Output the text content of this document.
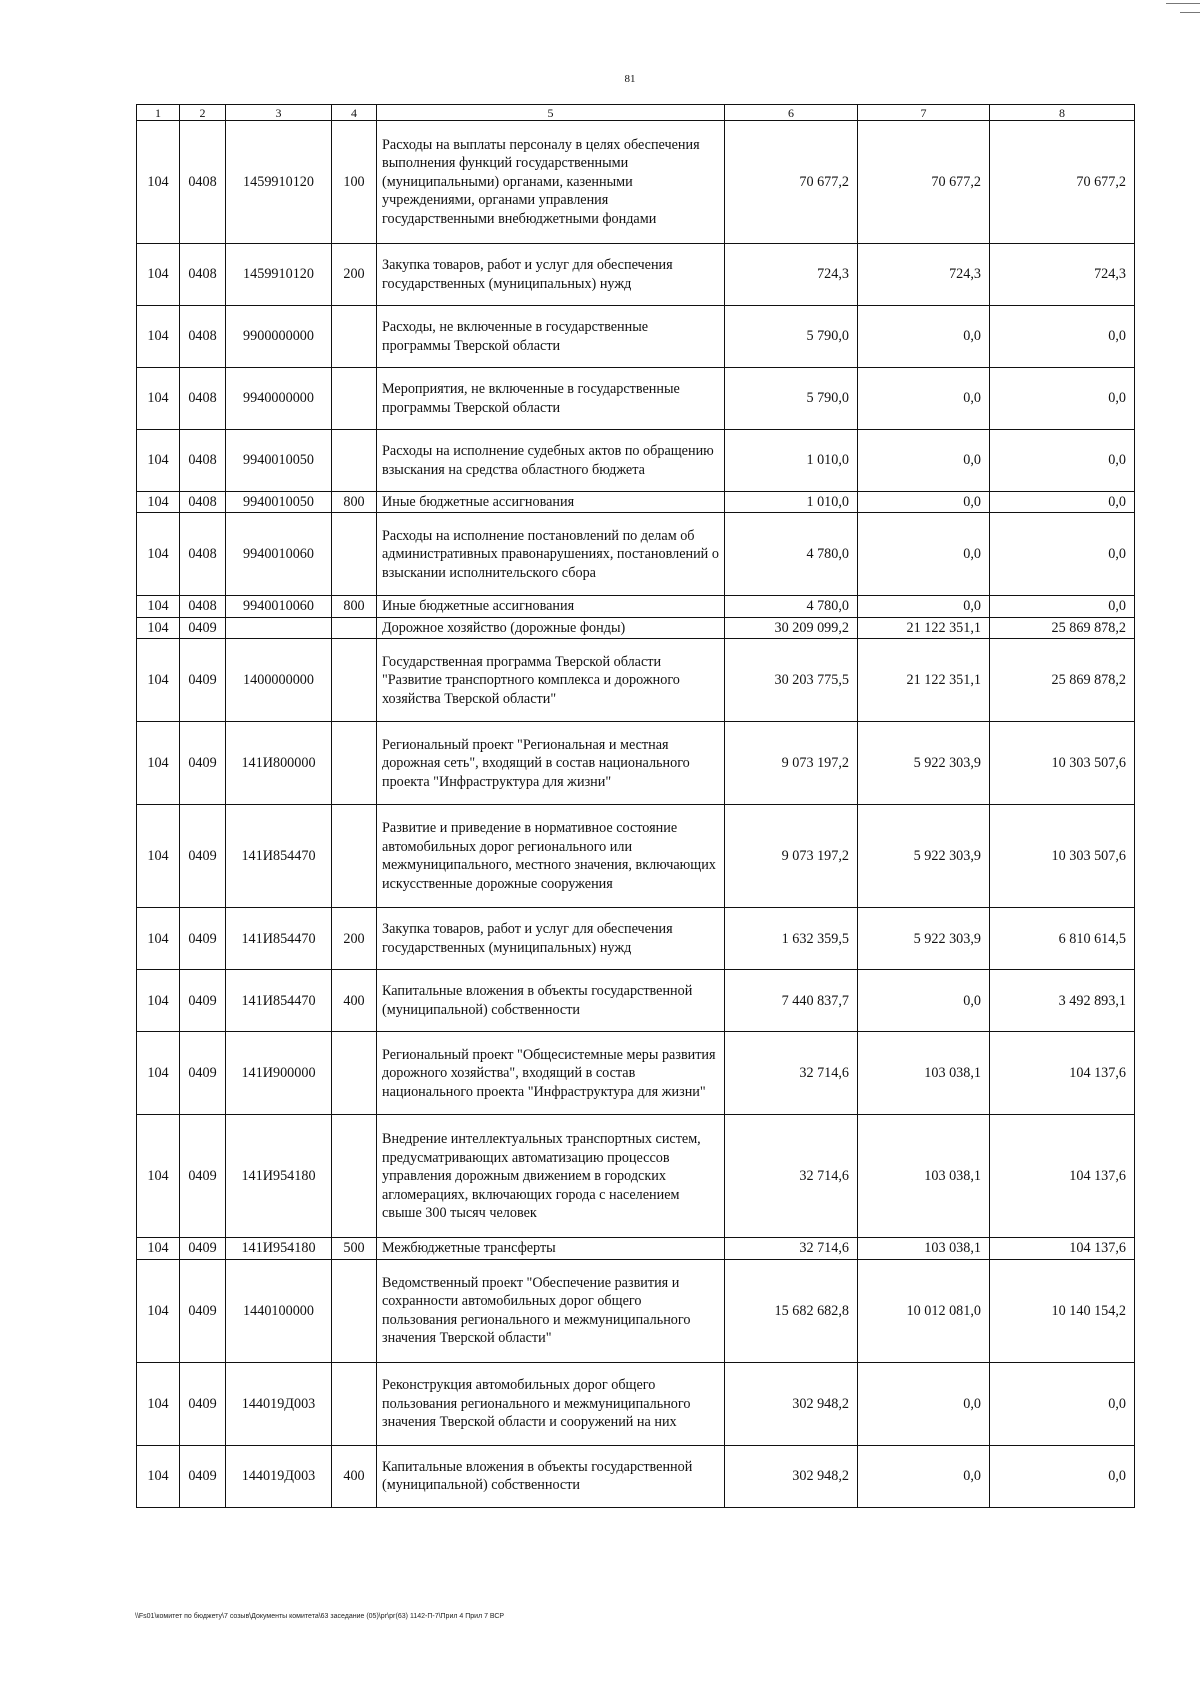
81
1	2	3	4	5	6	7	8
104	0408	1459910120	100	Расходы на выплаты персоналу в целях обеспечения выполнения функций государственными (муниципальными) органами, казенными учреждениями, органами управления государственными внебюджетными фондами	70 677,2	70 677,2	70 677,2
104	0408	1459910120	200	Закупка товаров, работ и услуг для обеспечения государственных (муниципальных) нужд	724,3	724,3	724,3
104	0408	9900000000		Расходы, не включенные в государственные программы Тверской области	5 790,0	0,0	0,0
104	0408	9940000000		Мероприятия, не включенные в государственные программы Тверской области	5 790,0	0,0	0,0
104	0408	9940010050		Расходы на исполнение судебных актов по обращению взыскания на средства областного бюджета	1 010,0	0,0	0,0
104	0408	9940010050	800	Иные бюджетные ассигнования	1 010,0	0,0	0,0
104	0408	9940010060		Расходы на исполнение постановлений по делам об административных правонарушениях, постановлений о взыскании исполнительского сбора	4 780,0	0,0	0,0
104	0408	9940010060	800	Иные бюджетные ассигнования	4 780,0	0,0	0,0
104	0409			Дорожное хозяйство (дорожные фонды)	30 209 099,2	21 122 351,1	25 869 878,2
104	0409	1400000000		Государственная программа Тверской области "Развитие транспортного комплекса и дорожного хозяйства Тверской области"	30 203 775,5	21 122 351,1	25 869 878,2
104	0409	141И800000		Региональный проект "Региональная и местная дорожная сеть", входящий в состав национального проекта "Инфраструктура для жизни"	9 073 197,2	5 922 303,9	10 303 507,6
104	0409	141И854470		Развитие и приведение в нормативное состояние автомобильных дорог регионального или межмуниципального, местного значения, включающих искусственные дорожные сооружения	9 073 197,2	5 922 303,9	10 303 507,6
104	0409	141И854470	200	Закупка товаров, работ и услуг для обеспечения государственных (муниципальных) нужд	1 632 359,5	5 922 303,9	6 810 614,5
104	0409	141И854470	400	Капитальные вложения в объекты государственной (муниципальной) собственности	7 440 837,7	0,0	3 492 893,1
104	0409	141И900000		Региональный проект "Общесистемные меры развития дорожного хозяйства", входящий в состав национального проекта "Инфраструктура для жизни"	32 714,6	103 038,1	104 137,6
104	0409	141И954180		Внедрение интеллектуальных транспортных систем, предусматривающих автоматизацию процессов управления дорожным движением в городских агломерациях, включающих города с населением свыше 300 тысяч человек	32 714,6	103 038,1	104 137,6
104	0409	141И954180	500	Межбюджетные трансферты	32 714,6	103 038,1	104 137,6
104	0409	1440100000		Ведомственный проект "Обеспечение развития и сохранности автомобильных дорог общего пользования регионального и межмуниципального значения Тверской области"	15 682 682,8	10 012 081,0	10 140 154,2
104	0409	144019Д003		Реконструкция автомобильных дорог общего пользования регионального и межмуниципального значения Тверской области и сооружений на них	302 948,2	0,0	0,0
104	0409	144019Д003	400	Капитальные вложения в объекты государственной (муниципальной) собственности	302 948,2	0,0	0,0
\\Fs01\комитет по бюджету\7 созыв\Документы комитета\63 заседание (05)\рг\рг(63) 1142-П-7\Прил 4 Прил 7 ВСР
